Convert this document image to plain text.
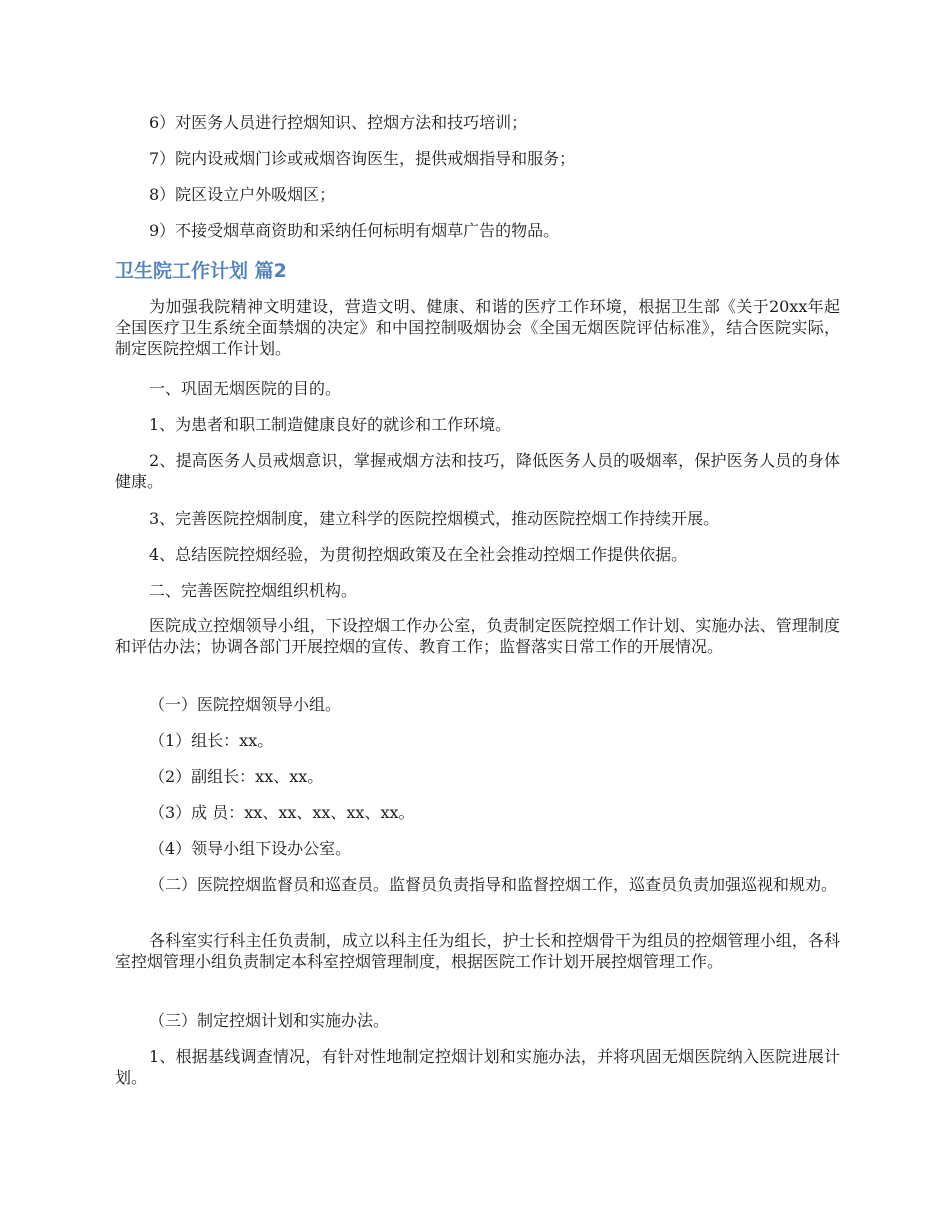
6）对医务人员进行控烟知识、控烟方法和技巧培训；

7）院内设戒烟门诊或戒烟咨询医生，提供戒烟指导和服务；

8）院区设立户外吸烟区；

9）不接受烟草商资助和采纳任何标明有烟草广告的物品。

卫生院工作计划 篇2

为加强我院精神文明建设，营造文明、健康、和谐的医疗工作环境，根据卫生部《关于20xx年起全国医疗卫生系统全面禁烟的决定》和中国控制吸烟协会《全国无烟医院评估标准》，结合医院实际，制定医院控烟工作计划。

一、巩固无烟医院的目的。

1、为患者和职工制造健康良好的就诊和工作环境。

2、提高医务人员戒烟意识，掌握戒烟方法和技巧，降低医务人员的吸烟率，保护医务人员的身体健康。

3、完善医院控烟制度，建立科学的医院控烟模式，推动医院控烟工作持续开展。

4、总结医院控烟经验，为贯彻控烟政策及在全社会推动控烟工作提供依据。

二、完善医院控烟组织机构。

医院成立控烟领导小组，下设控烟工作办公室，负责制定医院控烟工作计划、实施办法、管理制度和评估办法；协调各部门开展控烟的宣传、教育工作；监督落实日常工作的开展情况。

（一）医院控烟领导小组。

（1）组长：xx。

（2）副组长：xx、xx。

（3）成 员：xx、xx、xx、xx、xx。

（4）领导小组下设办公室。

（二）医院控烟监督员和巡查员。监督员负责指导和监督控烟工作，巡查员负责加强巡视和规劝。

各科室实行科主任负责制，成立以科主任为组长，护士长和控烟骨干为组员的控烟管理小组，各科室控烟管理小组负责制定本科室控烟管理制度，根据医院工作计划开展控烟管理工作。

（三）制定控烟计划和实施办法。

1、根据基线调查情况，有针对性地制定控烟计划和实施办法，并将巩固无烟医院纳入医院进展计划。
